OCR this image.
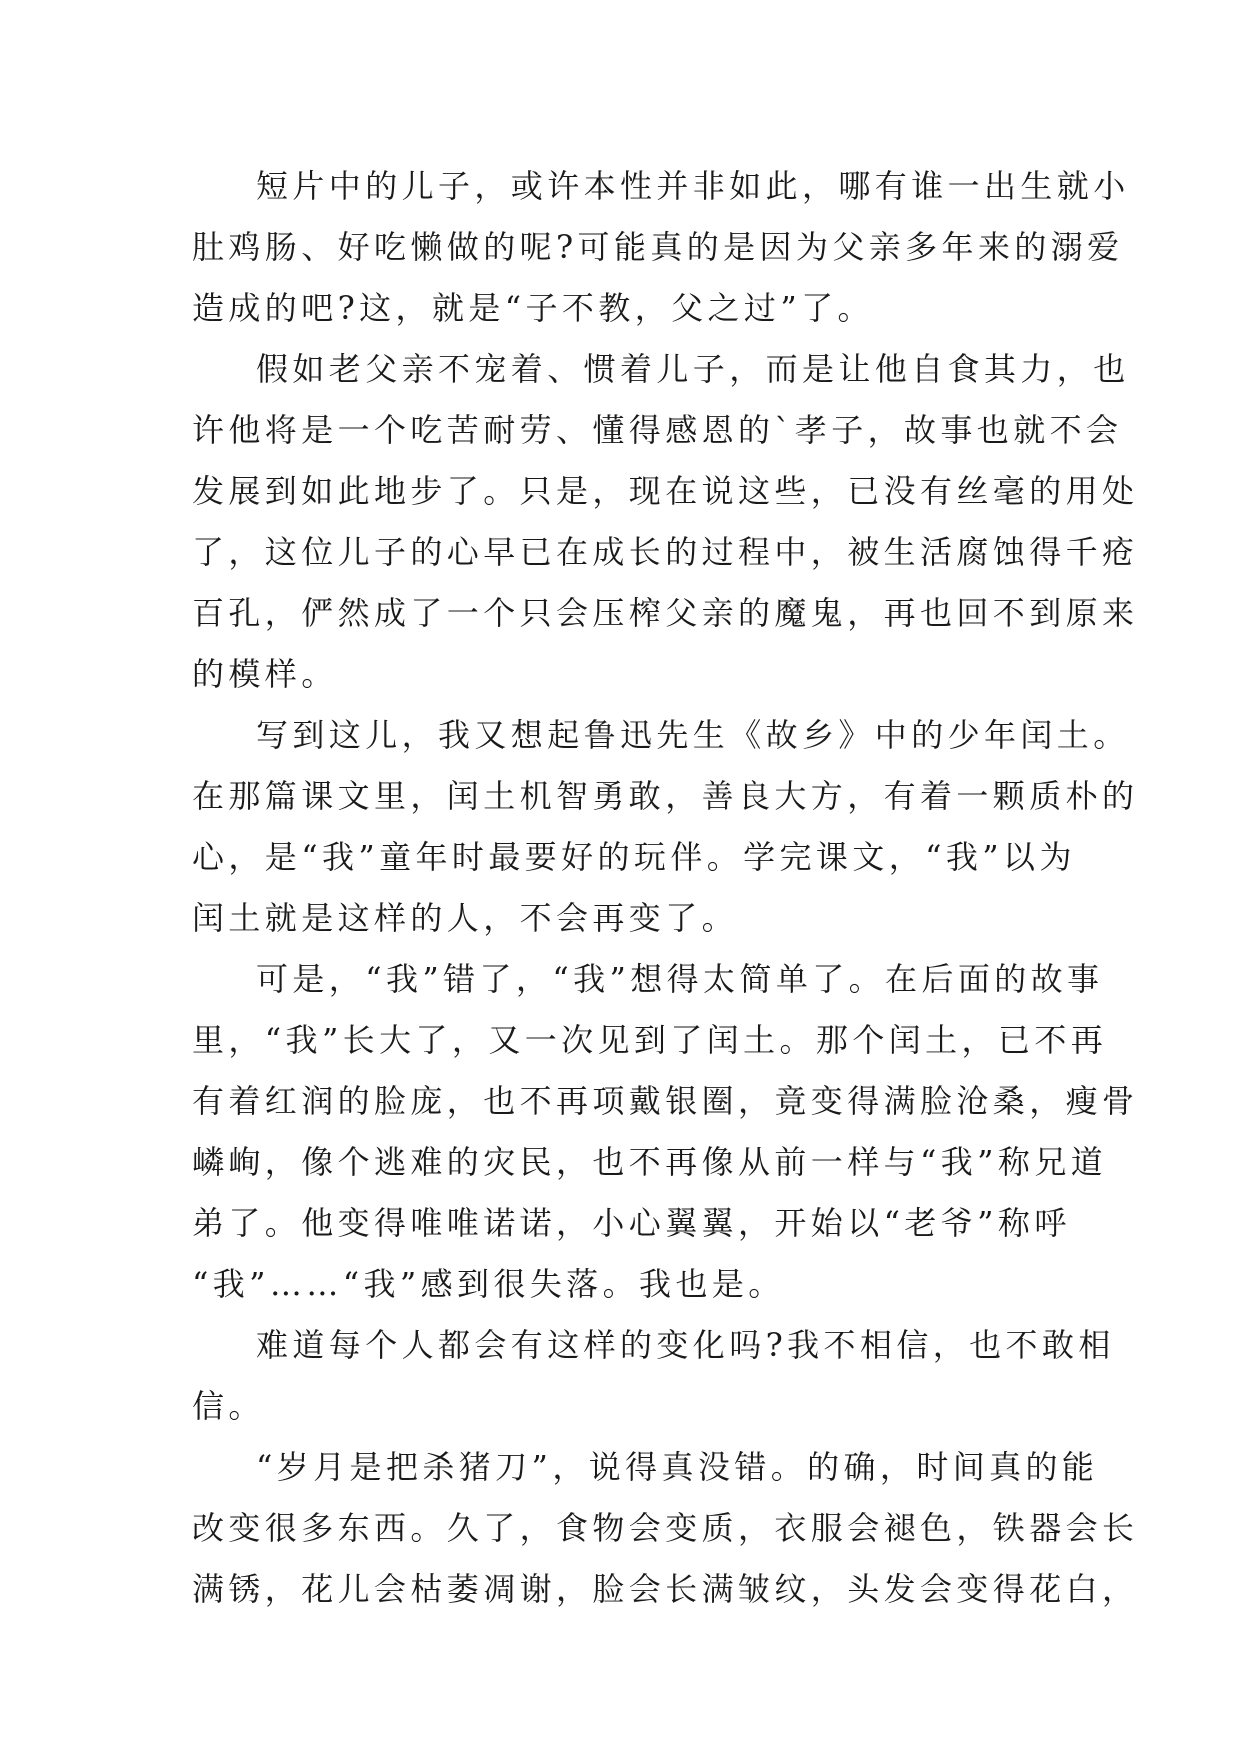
短片中的儿子，或许本性并非如此，哪有谁一出生就小
肚鸡肠、好吃懒做的呢?可能真的是因为父亲多年来的溺爱
造成的吧?这，就是“子不教，父之过”了。
假如老父亲不宠着、惯着儿子，而是让他自食其力，也
许他将是一个吃苦耐劳、懂得感恩的`孝子，故事也就不会
发展到如此地步了。只是，现在说这些，已没有丝毫的用处
了，这位儿子的心早已在成长的过程中，被生活腐蚀得千疮
百孔，俨然成了一个只会压榨父亲的魔鬼，再也回不到原来
的模样。
写到这儿，我又想起鲁迅先生《故乡》中的少年闰土。
在那篇课文里，闰土机智勇敢，善良大方，有着一颗质朴的
心，是“我”童年时最要好的玩伴。学完课文，“我”以为
闰土就是这样的人，不会再变了。
可是，“我”错了，“我”想得太简单了。在后面的故事
里，“我”长大了，又一次见到了闰土。那个闰土，已不再
有着红润的脸庞，也不再项戴银圈，竟变得满脸沧桑，瘦骨
嶙峋，像个逃难的灾民，也不再像从前一样与“我”称兄道
弟了。他变得唯唯诺诺，小心翼翼，开始以“老爷”称呼
“我”……“我”感到很失落。我也是。
难道每个人都会有这样的变化吗?我不相信，也不敢相
信。
“岁月是把杀猪刀”，说得真没错。的确，时间真的能
改变很多东西。久了，食物会变质，衣服会褪色，铁器会长
满锈，花儿会枯萎凋谢，脸会长满皱纹，头发会变得花白，
